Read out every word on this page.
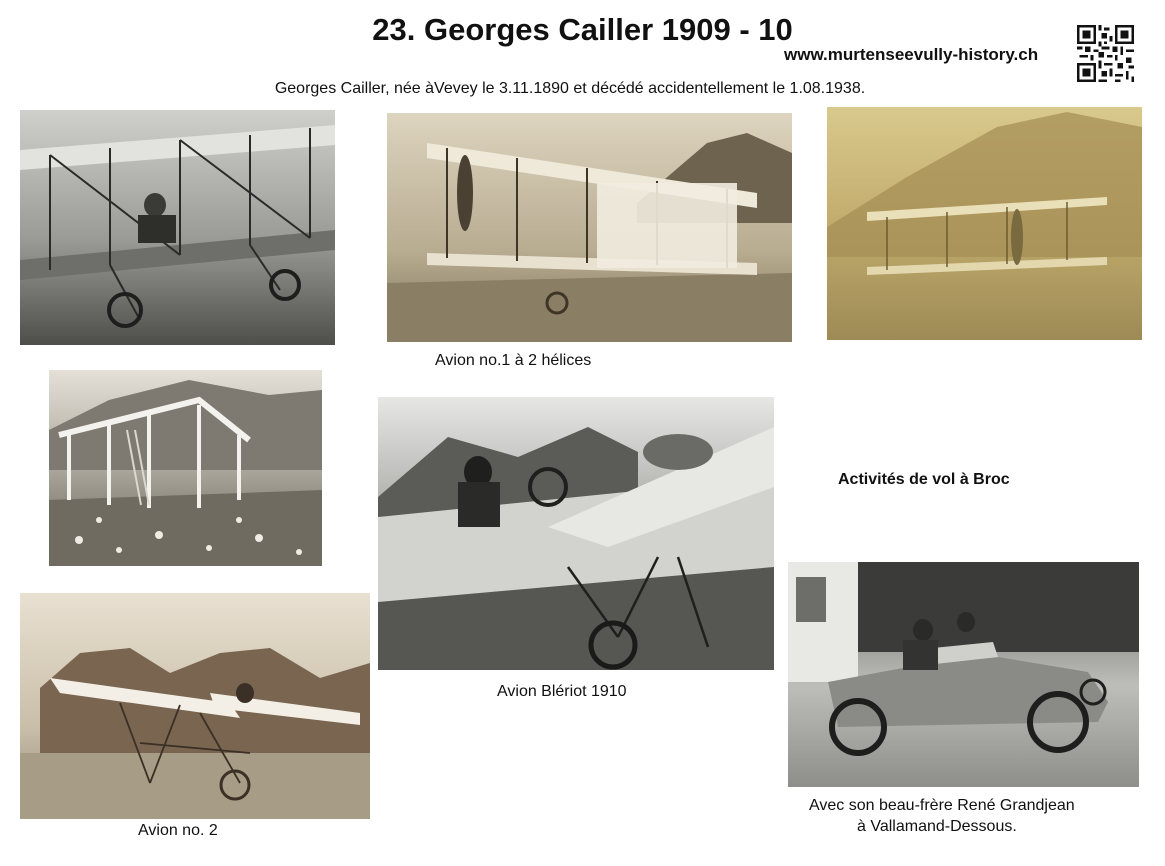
23. Georges Cailler 1909 - 10
www.murtenseevully-history.ch
Georges Cailler, née àVevey le 3.11.1890 et décédé accidentellement le 1.08.1938.
Avion no.1 à 2 hélices
Activités de vol à Broc
Avion Blériot 1910
Avec son beau-frère René Grandjean
à Vallamand-Dessous.
Avion no. 2
